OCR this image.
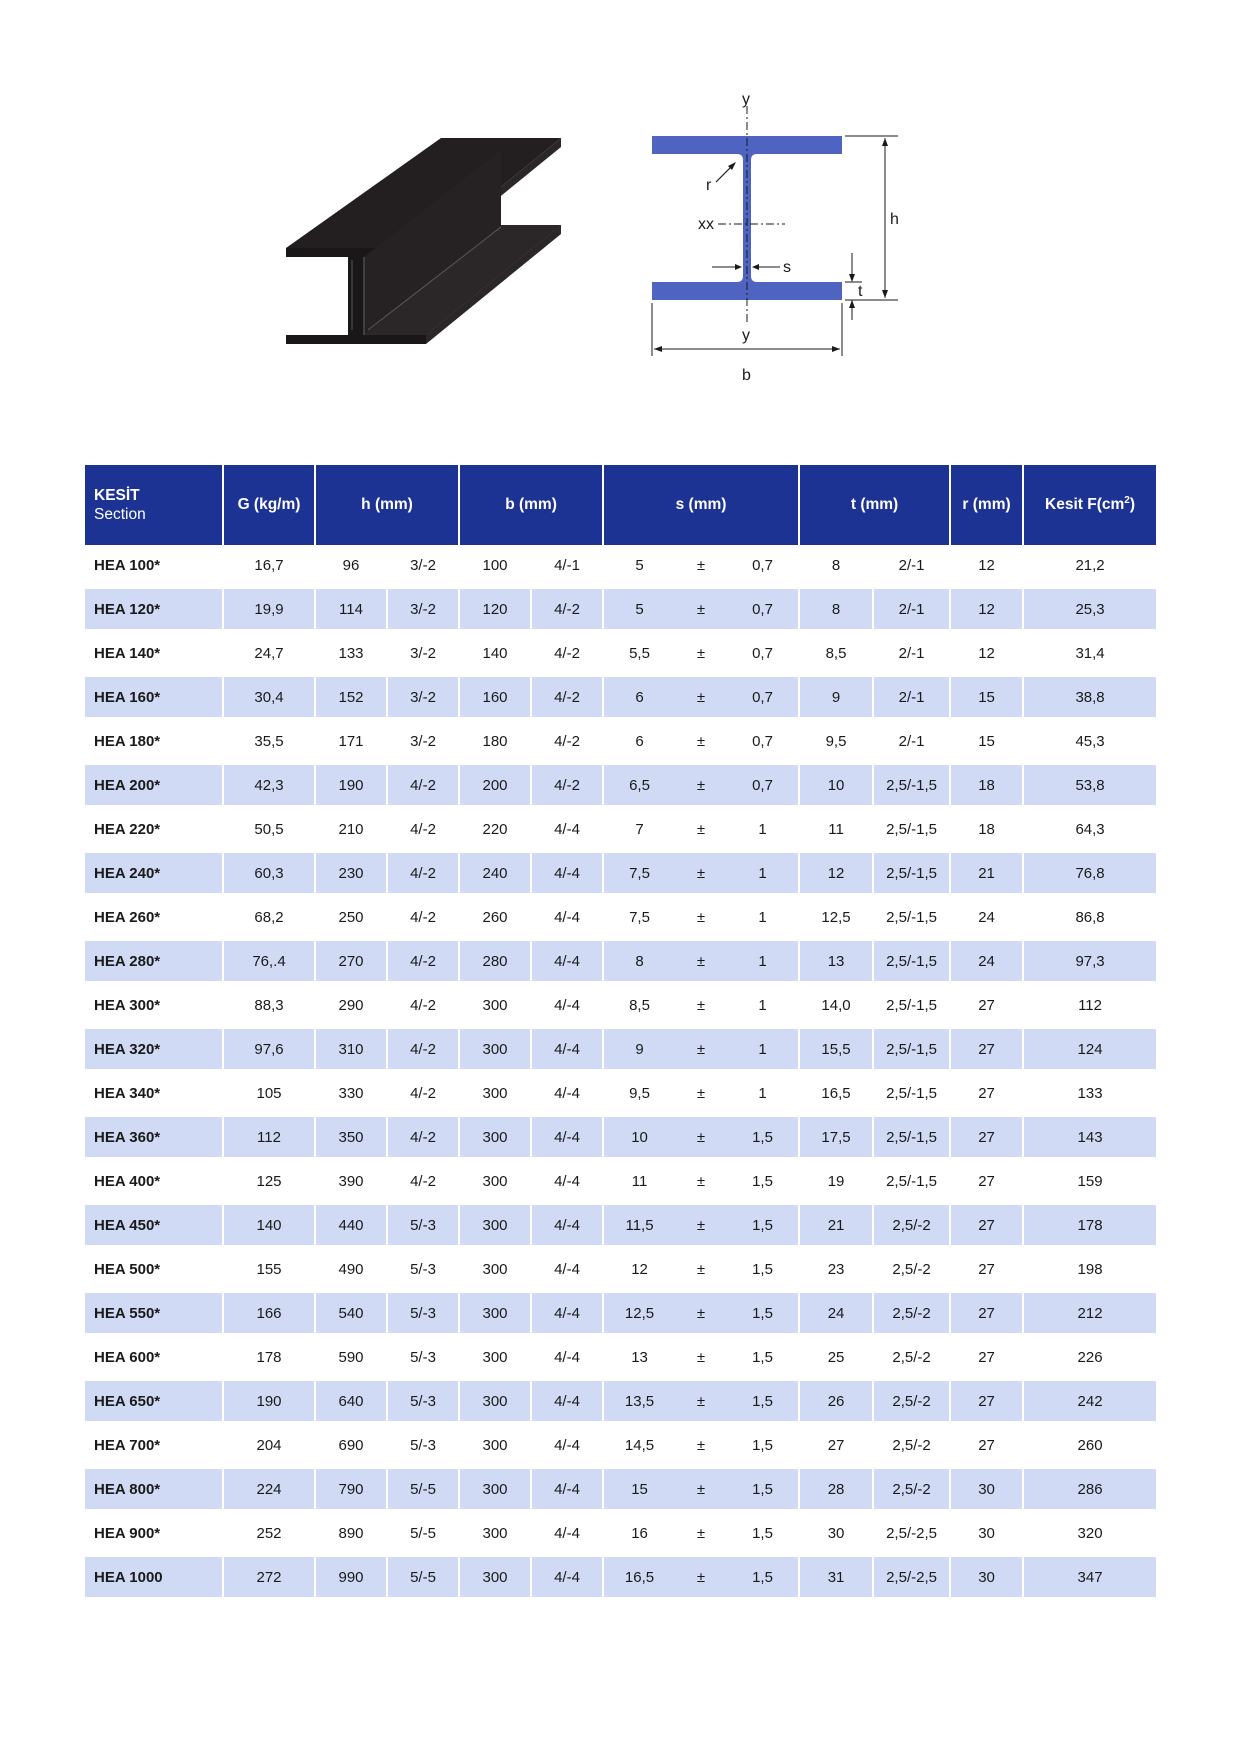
y
y
xx
r
s
h
t
b
KESİT
Section	G (kg/m)	h (mm)		b (mm)		s (mm)			t (mm)		r (mm)	Kesit $F(cm^2)$
HEA 100*	16,7	96	3/-2	100	4/-1	5	±	0,7	8	2/-1	12	21,2
HEA 120*	19,9	114	3/-2	120	4/-2	5	±	0,7	8	2/-1	12	25,3
HEA 140*	24,7	133	3/-2	140	4/-2	5,5	±	0,7	8,5	2/-1	12	31,4
HEA 160*	30,4	152	3/-2	160	4/-2	6	±	0,7	9	2/-1	15	38,8
HEA 180*	35,5	171	3/-2	180	4/-2	6	±	0,7	9,5	2/-1	15	45,3
HEA 200*	42,3	190	4/-2	200	4/-2	6,5	±	0,7	10	2,5/-1,5	18	53,8
HEA 220*	50,5	210	4/-2	220	4/-4	7	±	1	11	2,5/-1,5	18	64,3
HEA 240*	60,3	230	4/-2	240	4/-4	7,5	±	1	12	2,5/-1,5	21	76,8
HEA 260*	68,2	250	4/-2	260	4/-4	7,5	±	1	12,5	2,5/-1,5	24	86,8
HEA 280*	76,.4	270	4/-2	280	4/-4	8	±	1	13	2,5/-1,5	24	97,3
HEA 300*	88,3	290	4/-2	300	4/-4	8,5	±	1	14,0	2,5/-1,5	27	112
HEA 320*	97,6	310	4/-2	300	4/-4	9	±	1	15,5	2,5/-1,5	27	124
HEA 340*	105	330	4/-2	300	4/-4	9,5	±	1	16,5	2,5/-1,5	27	133
HEA 360*	112	350	4/-2	300	4/-4	10	±	1,5	17,5	2,5/-1,5	27	143
HEA 400*	125	390	4/-2	300	4/-4	11	±	1,5	19	2,5/-1,5	27	159
HEA 450*	140	440	5/-3	300	4/-4	11,5	±	1,5	21	2,5/-2	27	178
HEA 500*	155	490	5/-3	300	4/-4	12	±	1,5	23	2,5/-2	27	198
HEA 550*	166	540	5/-3	300	4/-4	12,5	±	1,5	24	2,5/-2	27	212
HEA 600*	178	590	5/-3	300	4/-4	13	±	1,5	25	2,5/-2	27	226
HEA 650*	190	640	5/-3	300	4/-4	13,5	±	1,5	26	2,5/-2	27	242
HEA 700*	204	690	5/-3	300	4/-4	14,5	±	1,5	27	2,5/-2	27	260
HEA 800*	224	790	5/-5	300	4/-4	15	±	1,5	28	2,5/-2	30	286
HEA 900*	252	890	5/-5	300	4/-4	16	±	1,5	30	2,5/-2,5	30	320
HEA 1000	272	990	5/-5	300	4/-4	16,5	±	1,5	31	2,5/-2,5	30	347
